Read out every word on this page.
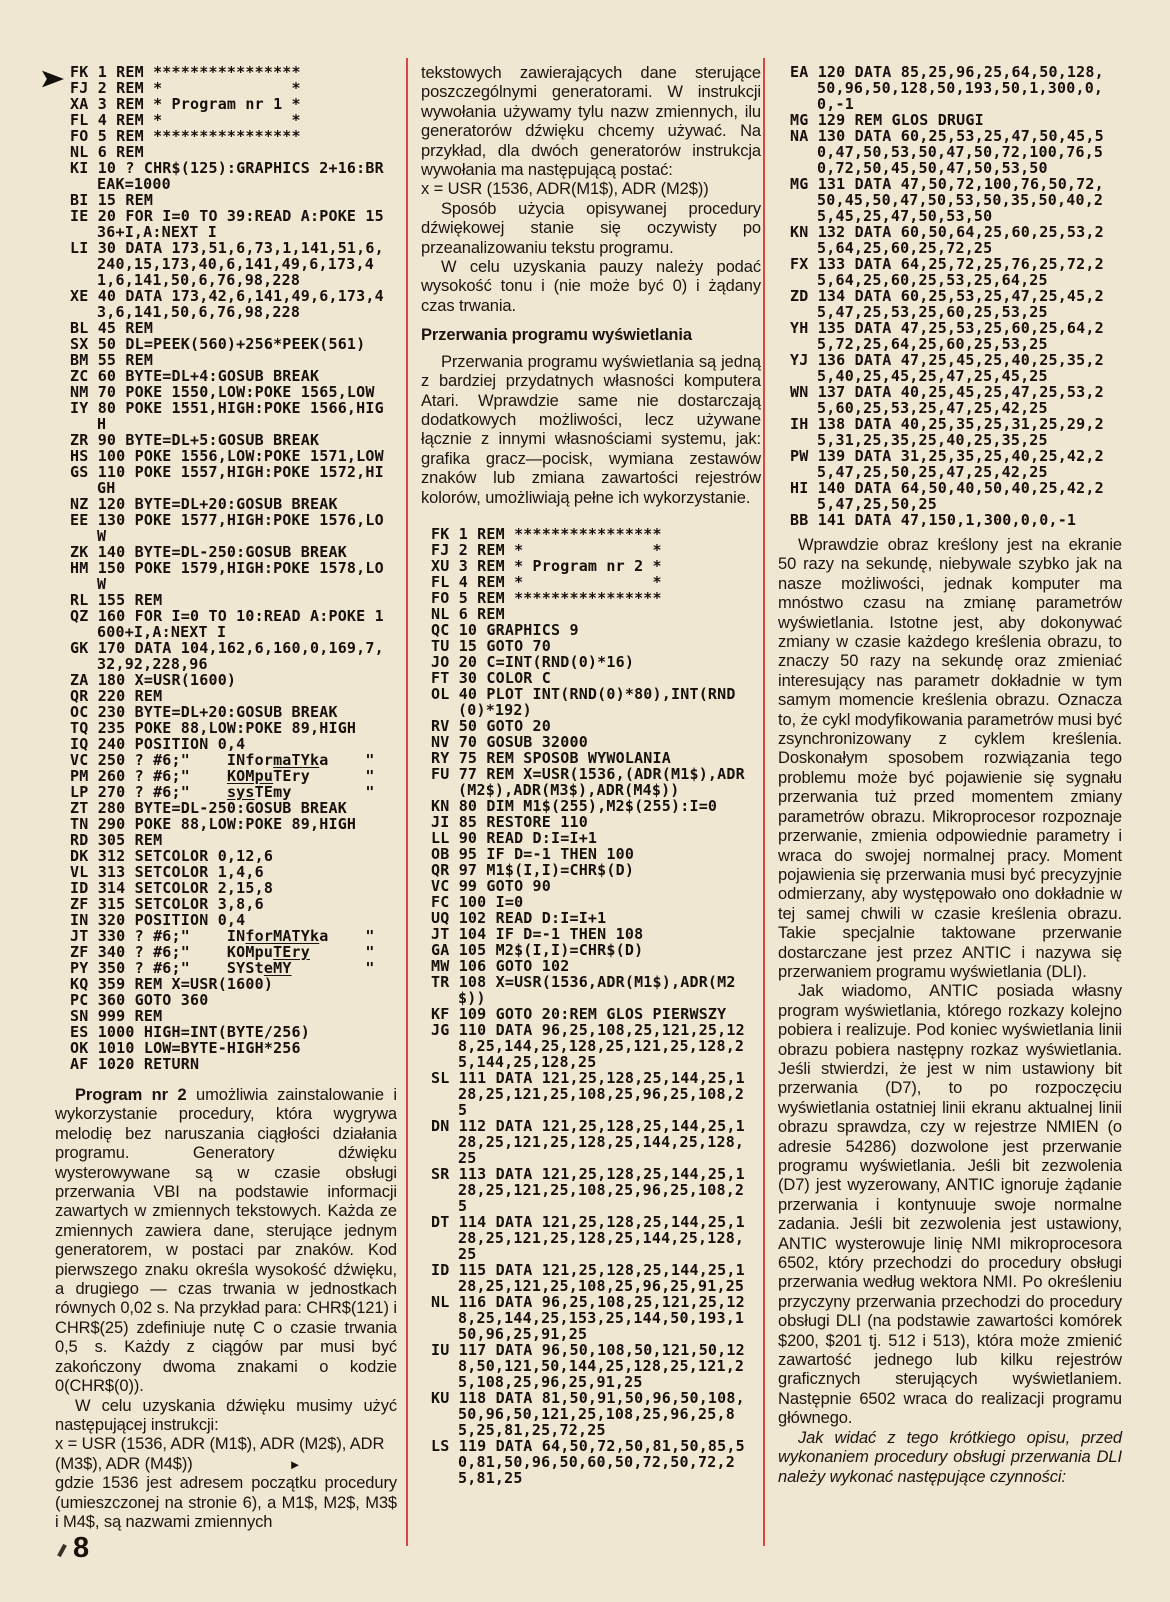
FK 1 REM ****************
FJ 2 REM *              *
XA 3 REM * Program nr 1 *
FL 4 REM *              *
FO 5 REM ****************
NL 6 REM
KI 10 ? CHR$(125):GRAPHICS 2+16:BREAK=1000
BI 15 REM
IE 20 FOR I=0 TO 39:READ A:POKE 1536+I,A:NEXT I
LI 30 DATA 173,51,6,73,1,141,51,6,240,15,173,40,6,141,49,6,173,41,6,141,50,6,76,98,228
XE 40 DATA 173,42,6,141,49,6,173,43,6,141,50,6,76,98,228
BL 45 REM
SX 50 DL=PEEK(560)+256*PEEK(561)
BM 55 REM
ZC 60 BYTE=DL+4:GOSUB BREAK
NM 70 POKE 1550,LOW:POKE 1565,LOW
IY 80 POKE 1551,HIGH:POKE 1566,HIGH
ZR 90 BYTE=DL+5:GOSUB BREAK
HS 100 POKE 1556,LOW:POKE 1571,LOW
GS 110 POKE 1557,HIGH:POKE 1572,HIGH
NZ 120 BYTE=DL+20:GOSUB BREAK
EE 130 POKE 1577,HIGH:POKE 1576,LOW
ZK 140 BYTE=DL-250:GOSUB BREAK
HM 150 POKE 1579,HIGH:POKE 1578,LOW
RL 155 REM
QZ 160 FOR I=0 TO 10:READ A:POKE 1600+I,A:NEXT I
GK 170 DATA 104,162,6,160,0,169,7,32,92,228,96
ZA 180 X=USR(1600)
QR 220 REM
OC 230 BYTE=DL+20:GOSUB BREAK
TQ 235 POKE 88,LOW:POKE 89,HIGH
IQ 240 POSITION 0,4
VC 250 ? #6;"    INformaTYka    "
PM 260 ? #6;"    KOMpuTEry      "
LP 270 ? #6;"    sysTEmy        "
ZT 280 BYTE=DL-250:GOSUB BREAK
TN 290 POKE 88,LOW:POKE 89,HIGH
RD 305 REM
DK 312 SETCOLOR 0,12,6
VL 313 SETCOLOR 1,4,6
ID 314 SETCOLOR 2,15,8
ZF 315 SETCOLOR 3,8,6
IN 320 POSITION 0,4
JT 330 ? #6;"    INforMATYka    "
ZF 340 ? #6;"    KOMpuTEry      "
PY 350 ? #6;"    SYSteMY        "
KQ 359 REM X=USR(1600)
PC 360 GOTO 360
SN 999 REM
ES 1000 HIGH=INT(BYTE/256)
OK 1010 LOW=BYTE-HIGH*256
AF 1020 RETURN

Program nr 2 umożliwia zainstalowanie i wykorzystanie procedury, która wygrywa melodię bez naruszania ciągłości działania programu. Generatory dźwięku wysterowywane są w czasie obsługi przerwania VBI na podstawie informacji zawartych w zmiennych tekstowych. Każda ze zmiennych zawiera dane, sterujące jednym generatorem, w postaci par znaków. Kod pierwszego znaku określa wysokość dźwięku, a drugiego — czas trwania w jednostkach równych 0,02 s. Na przykład para: CHR$(121) i CHR$(25) zdefiniuje nutę C o czasie trwania 0,5 s. Każdy z ciągów par musi być zakończony dwoma znakami o kodzie 0(CHR$(0)).

W celu uzyskania dźwięku musimy użyć następującej instrukcji:

x = USR (1536, ADR (M1$), ADR (M2$), ADR (M3$), ADR (M4$))	►

gdzie 1536 jest adresem początku procedury (umieszczonej na stronie 6), a M1$, M2$, M3$ i M4$, są nazwami zmiennych

tekstowych zawierających dane sterujące poszczególnymi generatorami. W instrukcji wywołania używamy tylu nazw zmiennych, ilu generatorów dźwięku chcemy używać. Na przykład, dla dwóch generatorów instrukcja wywołania ma następującą postać:

x = USR (1536, ADR(M1$), ADR (M2$))

Sposób użycia opisywanej procedury dźwiękowej stanie się oczywisty po przeanalizowaniu tekstu programu.

W celu uzyskania pauzy należy podać wysokość tonu i (nie może być 0) i żądany czas trwania.

Przerwania programu wyświetlania

Przerwania programu wyświetlania są jedną z bardziej przydatnych własności komputera Atari. Wprawdzie same nie dostarczają dodatkowych możliwości, lecz używane łącznie z innymi własnościami systemu, jak: grafika gracz—pocisk, wymiana zestawów znaków lub zmiana zawartości rejestrów kolorów, umożliwiają pełne ich wykorzystanie.

FK 1 REM ****************
FJ 2 REM *              *
XU 3 REM * Program nr 2 *
FL 4 REM *              *
FO 5 REM ****************
NL 6 REM
QC 10 GRAPHICS 9
TU 15 GOTO 70
JO 20 C=INT(RND(0)*16)
FT 30 COLOR C
OL 40 PLOT INT(RND(0)*80),INT(RND(0)*192)
RV 50 GOTO 20
NV 70 GOSUB 32000
RY 75 REM SPOSOB WYWOLANIA
FU 77 REM X=USR(1536,(ADR(M1$),ADR(M2$),ADR(M3$),ADR(M4$))
KN 80 DIM M1$(255),M2$(255):I=0
JI 85 RESTORE 110
LL 90 READ D:I=I+1
OB 95 IF D=-1 THEN 100
QR 97 M1$(I,I)=CHR$(D)
VC 99 GOTO 90
FC 100 I=0
UQ 102 READ D:I=I+1
JT 104 IF D=-1 THEN 108
GA 105 M2$(I,I)=CHR$(D)
MW 106 GOTO 102
TR 108 X=USR(1536,ADR(M1$),ADR(M2$))
KF 109 GOTO 20:REM GLOS PIERWSZY
JG 110 DATA 96,25,108,25,121,25,128,25,144,25,128,25,121,25,128,25,144,25,128,25
SL 111 DATA 121,25,128,25,144,25,128,25,121,25,108,25,96,25,108,25
DN 112 DATA 121,25,128,25,144,25,128,25,121,25,128,25,144,25,128,25
SR 113 DATA 121,25,128,25,144,25,128,25,121,25,108,25,96,25,108,25
DT 114 DATA 121,25,128,25,144,25,128,25,121,25,128,25,144,25,128,25
ID 115 DATA 121,25,128,25,144,25,128,25,121,25,108,25,96,25,91,25
NL 116 DATA 96,25,108,25,121,25,128,25,144,25,153,25,144,50,193,150,96,25,91,25
IU 117 DATA 96,50,108,50,121,50,128,50,121,50,144,25,128,25,121,25,108,25,96,25,91,25
KU 118 DATA 81,50,91,50,96,50,108,50,96,50,121,25,108,25,96,25,85,25,81,25,72,25
LS 119 DATA 64,50,72,50,81,50,85,50,81,50,96,50,60,50,72,50,72,25,81,25
EA 120 DATA 85,25,96,25,64,50,128,50,96,50,128,50,193,50,1,300,0,0,-1
MG 129 REM GLOS DRUGI
NA 130 DATA 60,25,53,25,47,50,45,50,47,50,53,50,47,50,72,100,76,50,72,50,45,50,47,50,53,50
MG 131 DATA 47,50,72,100,76,50,72,50,45,50,47,50,53,50,35,50,40,25,45,25,47,50,53,50
KN 132 DATA 60,50,64,25,60,25,53,25,64,25,60,25,72,25
FX 133 DATA 64,25,72,25,76,25,72,25,64,25,60,25,53,25,64,25
ZD 134 DATA 60,25,53,25,47,25,45,25,47,25,53,25,60,25,53,25
YH 135 DATA 47,25,53,25,60,25,64,25,72,25,64,25,60,25,53,25
YJ 136 DATA 47,25,45,25,40,25,35,25,40,25,45,25,47,25,45,25
WN 137 DATA 40,25,45,25,47,25,53,25,60,25,53,25,47,25,42,25
IH 138 DATA 40,25,35,25,31,25,29,25,31,25,35,25,40,25,35,25
PW 139 DATA 31,25,35,25,40,25,42,25,47,25,50,25,47,25,42,25
HI 140 DATA 64,50,40,50,40,25,42,25,47,25,50,25
BB 141 DATA 47,150,1,300,0,0,-1

Wprawdzie obraz kreślony jest na ekranie 50 razy na sekundę, niebywale szybko jak na nasze możliwości, jednak komputer ma mnóstwo czasu na zmianę parametrów wyświetlania. Istotne jest, aby dokonywać zmiany w czasie każdego kreślenia obrazu, to znaczy 50 razy na sekundę oraz zmieniać interesujący nas parametr dokładnie w tym samym momencie kreślenia obrazu. Oznacza to, że cykl modyfikowania parametrów musi być zsynchronizowany z cyklem kreślenia. Doskonałym sposobem rozwiązania tego problemu może być pojawienie się sygnału przerwania tuż przed momentem zmiany parametrów obrazu. Mikroprocesor rozpoznaje przerwanie, zmienia odpowiednie parametry i wraca do swojej normalnej pracy. Moment pojawienia się przerwania musi być precyzyjnie odmierzany, aby występowało ono dokładnie w tej samej chwili w czasie kreślenia obrazu. Takie specjalnie taktowane przerwanie dostarczane jest przez ANTIC i nazywa się przerwaniem programu wyświetlania (DLI).

Jak wiadomo, ANTIC posiada własny program wyświetlania, którego rozkazy kolejno pobiera i realizuje. Pod koniec wyświetlania linii obrazu pobiera następny rozkaz wyświetlania. Jeśli stwierdzi, że jest w nim ustawiony bit przerwania (D7), to po rozpoczęciu wyświetlania ostatniej linii ekranu aktualnej linii obrazu sprawdza, czy w rejestrze NMIEN (o adresie 54286) dozwolone jest przerwanie programu wyświetlania. Jeśli bit zezwolenia (D7) jest wyzerowany, ANTIC ignoruje żądanie przerwania i kontynuuje swoje normalne zadania. Jeśli bit zezwolenia jest ustawiony, ANTIC wysterowuje linię NMI mikroprocesora 6502, który przechodzi do procedury obsługi przerwania według wektora NMI. Po określeniu przyczyny przerwania przechodzi do procedury obsługi DLI (na podstawie zawartości komórek $200, $201 tj. 512 i 513), która może zmienić zawartość jednego lub kilku rejestrów graficznych sterujących wyświetlaniem. Następnie 6502 wraca do realizacji programu głównego.

Jak widać z tego krótkiego opisu, przed wykonaniem procedury obsługi przerwania DLI należy wykonać następujące czynności:

8
